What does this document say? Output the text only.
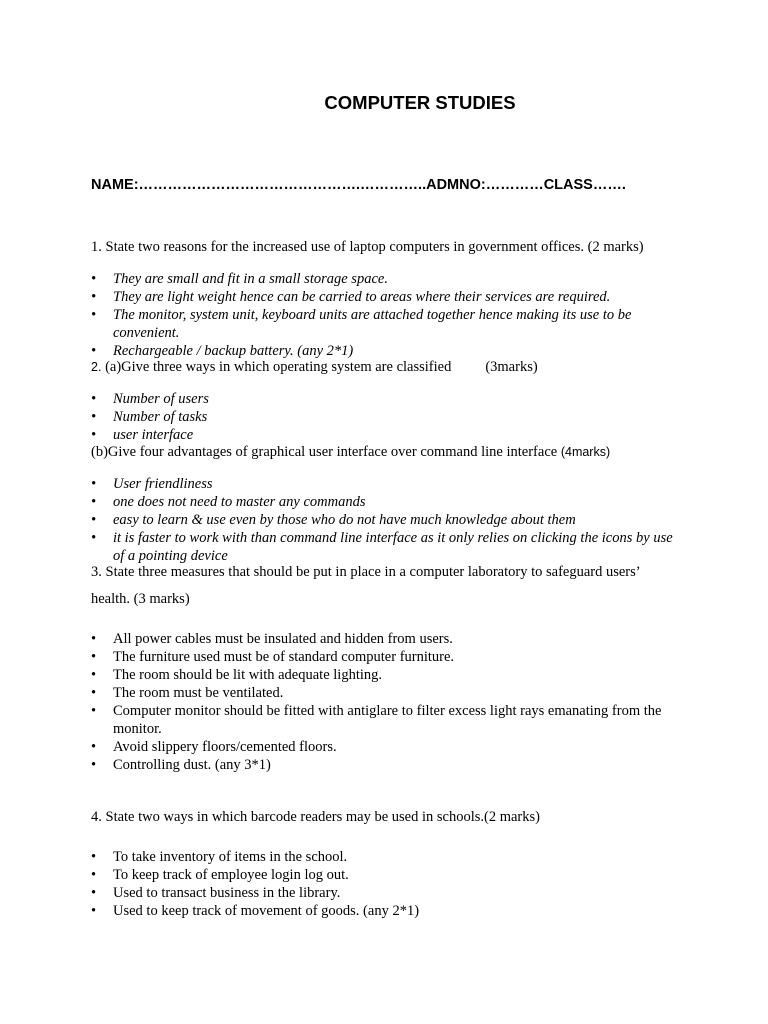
COMPUTER STUDIES

NAME:……………………………………….…………..ADMNO:…………CLASS…….

1. State two reasons for the increased use of laptop computers in government offices. (2 marks)

•	They are small and fit in a small storage space.
•	They are light weight hence can be carried to areas where their services are required.
•	The monitor, system unit, keyboard units are attached together hence making its use to be convenient.
•	Rechargeable / backup battery. (any 2*1)

2. (a)Give three ways in which operating system are classified (3marks)

•	Number of users
•	Number of tasks
•	user interface

(b)Give four advantages of graphical user interface over command line interface (4marks)

•	User friendliness
•	one does not need to master any commands
•	easy to learn & use even by those who do not have much knowledge about them
•	it is faster to work with than command line interface as it only relies on clicking the icons by use of a pointing device

3. State three measures that should be put in place in a computer laboratory to safeguard users’

health. (3 marks)

•	All power cables must be insulated and hidden from users.
•	The furniture used must be of standard computer furniture.
•	The room should be lit with adequate lighting.
•	The room must be ventilated.
•	Computer monitor should be fitted with antiglare to filter excess light rays emanating from the monitor.
•	Avoid slippery floors/cemented floors.
•	Controlling dust. (any 3*1)

4. State two ways in which barcode readers may be used in schools.(2 marks)

•	To take inventory of items in the school.
•	To keep track of employee login log out.
•	Used to transact business in the library.
•	Used to keep track of movement of goods. (any 2*1)
